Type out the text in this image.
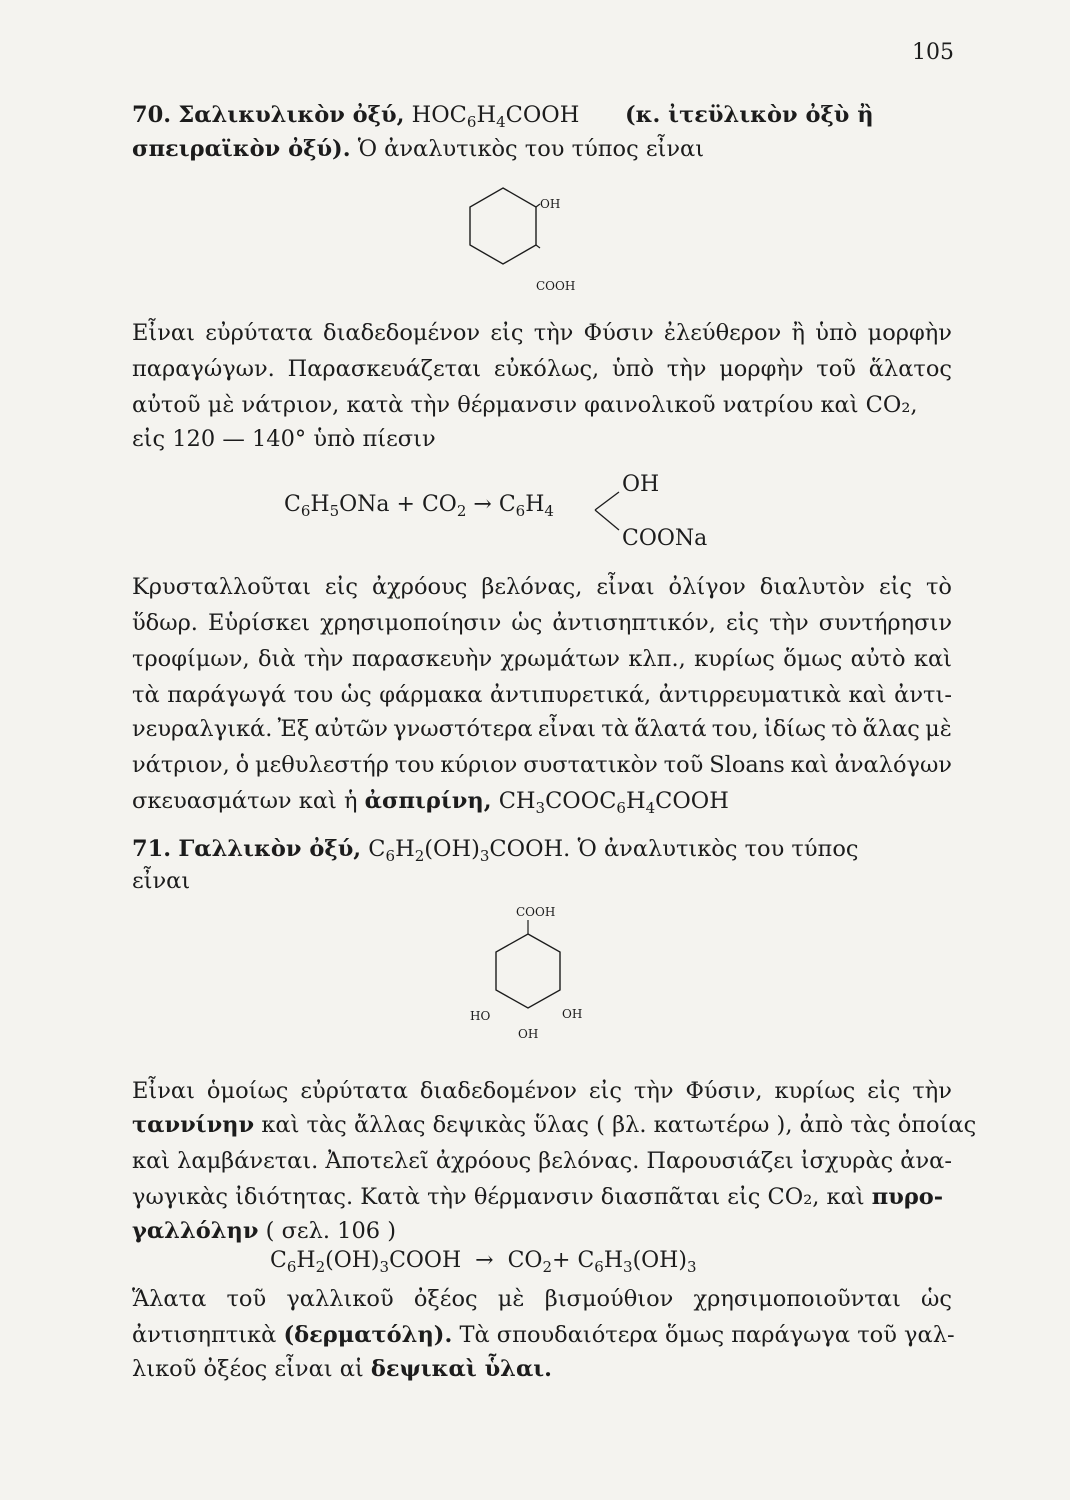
105
70. Σαλικυλικὸν ὀξύ, $HOC_6H_4COOH$	(κ. ἰτεϋλικὸν ὀξὺ ἢ
σπειραϊκὸν ὀξύ). Ὁ ἀναλυτικὸς του τύπος εἶναι
OH
COOH
Εἶναι εὐρύτατα διαδεδομένον εἰς τὴν Φύσιν ἐλεύθερον ἢ ὑπὸ μορφὴν
παραγώγων. Παρασκευάζεται εὐκόλως, ὑπὸ τὴν μορφὴν τοῦ ἅλατος
αὐτοῦ μὲ νάτριον, κατὰ τὴν θέρμανσιν φαινολικοῦ νατρίου καὶ CO₂,
εἰς 120 — 140° ὑπὸ πίεσιν
$C_6H_5ONa + CO_2 \to C_6H_4$
OH
COONa
Κρυσταλλοῦται εἰς ἀχρόους βελόνας, εἶναι ὀλίγον διαλυτὸν εἰς τὸ
ὕδωρ. Εὑρίσκει χρησιμοποίησιν ὡς ἀντισηπτικόν, εἰς τὴν συντήρησιν
τροφίμων, διὰ τὴν παρασκευὴν χρωμάτων κλπ., κυρίως ὅμως αὐτὸ καὶ
τὰ παράγωγά του ὡς φάρμακα ἀντιπυρετικά, ἀντιρρευματικὰ καὶ ἀντι-
νευραλγικά. Ἐξ αὐτῶν γνωστότερα εἶναι τὰ ἅλατά του, ἰδίως τὸ ἅλας μὲ
νάτριον, ὁ μεθυλεστήρ του κύριον συστατικὸν τοῦ Sloans καὶ ἀναλόγων
σκευασμάτων καὶ ἡ ἀσπιρίνη, $CH_3COOC_6H_4COOH$
71. Γαλλικὸν ὀξύ, $C_6H_2(OH)_3COOH$. Ὁ ἀναλυτικὸς του τύπος
εἶναι
COOH
HO	OH
OH
Εἶναι ὁμοίως εὐρύτατα διαδεδομένον εἰς τὴν Φύσιν, κυρίως εἰς τὴν
ταννίνην καὶ τὰς ἄλλας δεψικὰς ὕλας ( βλ. κατωτέρω ), ἀπὸ τὰς ὁποίας
καὶ λαμβάνεται. Ἀποτελεῖ ἀχρόους βελόνας. Παρουσιάζει ἰσχυρὰς ἀνα-
γωγικὰς ἰδιότητας. Κατὰ τὴν θέρμανσιν διασπᾶται εἰς CO₂, καὶ πυρο-
γαλλόλην ( σελ. 106 )
$C_6H_2(OH)_3COOH \to CO_2+ C_6H_3(OH)_3$
Ἅλατα τοῦ γαλλικοῦ ὀξέος μὲ βισμούθιον χρησιμοποιοῦνται ὡς
ἀντισηπτικὰ (δερματόλη). Τὰ σπουδαιότερα ὅμως παράγωγα τοῦ γαλ-
λικοῦ ὀξέος εἶναι αἱ δεψικαὶ ὗλαι.
